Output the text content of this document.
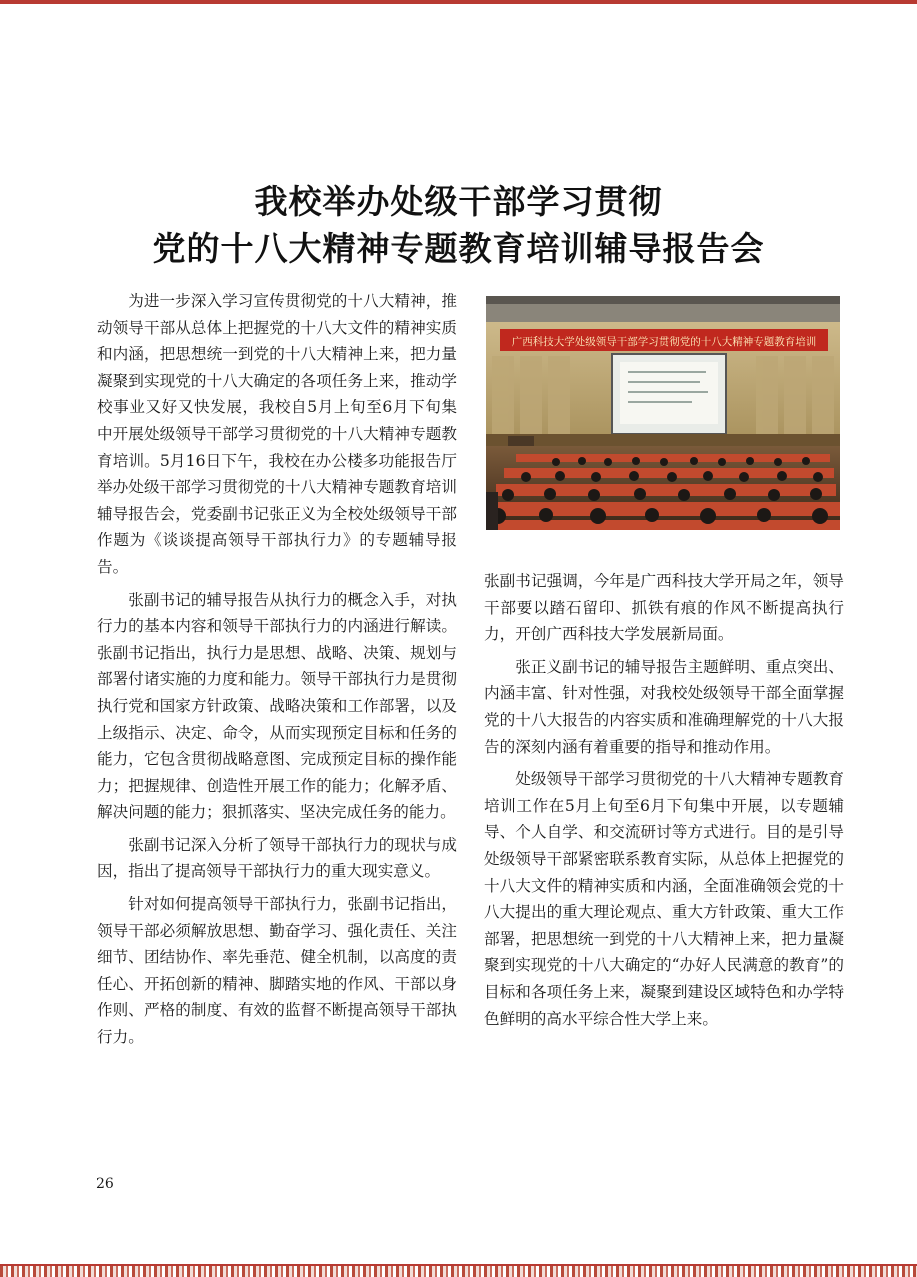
我校举办处级干部学习贯彻
党的十八大精神专题教育培训辅导报告会

为进一步深入学习宣传贯彻党的十八大精神，推动领导干部从总体上把握党的十八大文件的精神实质和内涵，把思想统一到党的十八大精神上来，把力量凝聚到实现党的十八大确定的各项任务上来，推动学校事业又好又快发展，我校自5月上旬至6月下旬集中开展处级领导干部学习贯彻党的十八大精神专题教育培训。5月16日下午，我校在办公楼多功能报告厅举办处级干部学习贯彻党的十八大精神专题教育培训辅导报告会，党委副书记张正义为全校处级领导干部作题为《谈谈提高领导干部执行力》的专题辅导报告。

张副书记的辅导报告从执行力的概念入手，对执行力的基本内容和领导干部执行力的内涵进行解读。张副书记指出，执行力是思想、战略、决策、规划与部署付诸实施的力度和能力。领导干部执行力是贯彻执行党和国家方针政策、战略决策和工作部署，以及上级指示、决定、命令，从而实现预定目标和任务的能力，它包含贯彻战略意图、完成预定目标的操作能力；把握规律、创造性开展工作的能力；化解矛盾、解决问题的能力；狠抓落实、坚决完成任务的能力。

张副书记深入分析了领导干部执行力的现状与成因，指出了提高领导干部执行力的重大现实意义。

针对如何提高领导干部执行力，张副书记指出，领导干部必须解放思想、勤奋学习、强化责任、关注细节、团结协作、率先垂范、健全机制，以高度的责任心、开拓创新的精神、脚踏实地的作风、干部以身作则、严格的制度、有效的监督不断提高领导干部执行力。

广西科技大学处级领导干部学习贯彻党的十八大精神专题教育培训

张副书记强调，今年是广西科技大学开局之年，领导干部要以踏石留印、抓铁有痕的作风不断提高执行力，开创广西科技大学发展新局面。

张正义副书记的辅导报告主题鲜明、重点突出、内涵丰富、针对性强，对我校处级领导干部全面掌握党的十八大报告的内容实质和准确理解党的十八大报告的深刻内涵有着重要的指导和推动作用。

处级领导干部学习贯彻党的十八大精神专题教育培训工作在5月上旬至6月下旬集中开展，以专题辅导、个人自学、和交流研讨等方式进行。目的是引导处级领导干部紧密联系教育实际，从总体上把握党的十八大文件的精神实质和内涵，全面准确领会党的十八大提出的重大理论观点、重大方针政策、重大工作部署，把思想统一到党的十八大精神上来，把力量凝聚到实现党的十八大确定的“办好人民满意的教育”的目标和各项任务上来，凝聚到建设区域特色和办学特色鲜明的高水平综合性大学上来。

26
